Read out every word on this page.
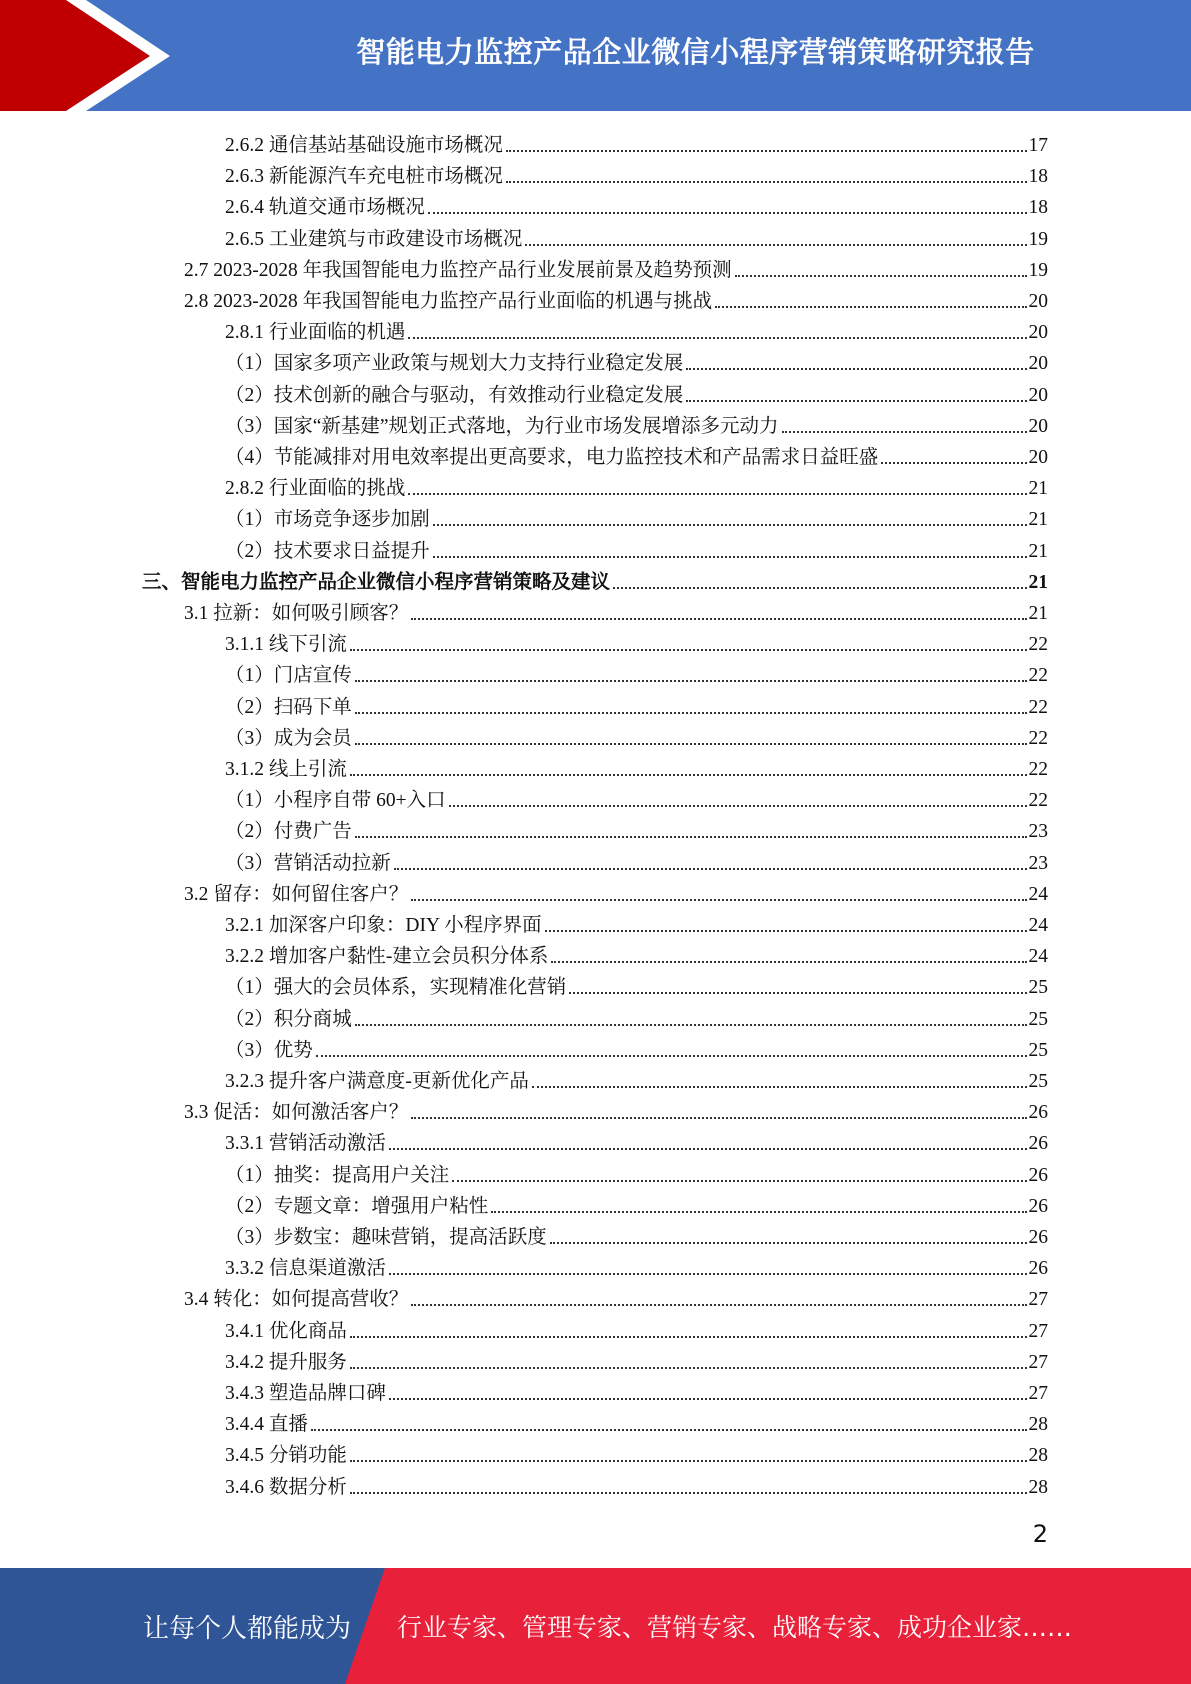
智能电力监控产品企业微信小程序营销策略研究报告
2.6.2 通信基站基础设施市场概况	17
2.6.3 新能源汽车充电桩市场概况	18
2.6.4 轨道交通市场概况	18
2.6.5 工业建筑与市政建设市场概况	19
2.7 2023-2028 年我国智能电力监控产品行业发展前景及趋势预测	19
2.8 2023-2028 年我国智能电力监控产品行业面临的机遇与挑战	20
2.8.1 行业面临的机遇	20
（1）国家多项产业政策与规划大力支持行业稳定发展	20
（2）技术创新的融合与驱动，有效推动行业稳定发展	20
（3）国家“新基建”规划正式落地，为行业市场发展增添多元动力	20
（4）节能减排对用电效率提出更高要求，电力监控技术和产品需求日益旺盛	20
2.8.2 行业面临的挑战	21
（1）市场竞争逐步加剧	21
（2）技术要求日益提升	21
三、智能电力监控产品企业微信小程序营销策略及建议	21
3.1 拉新：如何吸引顾客？	21
3.1.1 线下引流	22
（1）门店宣传	22
（2）扫码下单	22
（3）成为会员	22
3.1.2 线上引流	22
（1）小程序自带 60+入口	22
（2）付费广告	23
（3）营销活动拉新	23
3.2 留存：如何留住客户？	24
3.2.1 加深客户印象：DIY 小程序界面	24
3.2.2 增加客户黏性-建立会员积分体系	24
（1）强大的会员体系，实现精准化营销	25
（2）积分商城	25
（3）优势	25
3.2.3 提升客户满意度-更新优化产品	25
3.3 促活：如何激活客户？	26
3.3.1 营销活动激活	26
（1）抽奖：提高用户关注	26
（2）专题文章：增强用户粘性	26
（3）步数宝：趣味营销，提高活跃度	26
3.3.2 信息渠道激活	26
3.4 转化：如何提高营收？	27
3.4.1 优化商品	27
3.4.2 提升服务	27
3.4.3 塑造品牌口碑	27
3.4.4 直播	28
3.4.5 分销功能	28
3.4.6 数据分析	28
2
让每个人都能成为 行业专家、管理专家、营销专家、战略专家、成功企业家……
